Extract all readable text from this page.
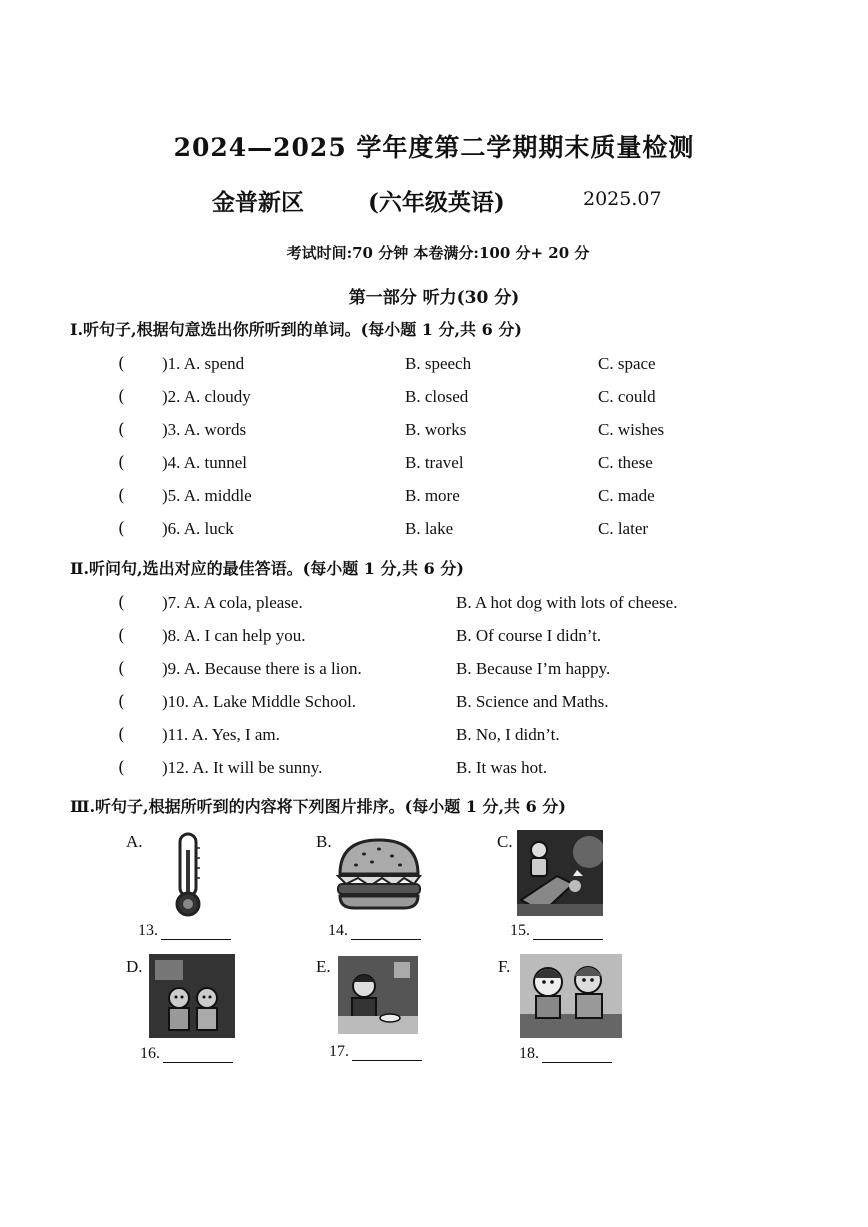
2024—2025 学年度第二学期期末质量检测
金普新区	(六年级英语)	2025.07
考试时间:70 分钟 本卷满分:100 分+ 20 分
第一部分 听力(30 分)
Ⅰ.听句子,根据句意选出你所听到的单词。(每小题 1 分,共 6 分)
( )1. A. spend	B. speech	C. space
( )2. A. cloudy	B. closed	C. could
( )3. A. words	B. works	C. wishes
( )4. A. tunnel	B. travel	C. these
( )5. A. middle	B. more	C. made
( )6. A. luck	B. lake	C. later
Ⅱ.听问句,选出对应的最佳答语。(每小题 1 分,共 6 分)
( )7. A. A cola, please.	B. A hot dog with lots of cheese.
( )8. A. I can help you.	B. Of course I didn’t.
( )9. A. Because there is a lion.	B. Because I’m happy.
( )10. A. Lake Middle School.	B. Science and Maths.
( )11. A. Yes, I am.	B. No, I didn’t.
( )12. A. It will be sunny.	B. It was hot.
Ⅲ.听句子,根据所听到的内容将下列图片排序。(每小题 1 分,共 6 分)
A.
13.
B.
14.
C.
15.
D.
16.
E.
17.
F.
18.
